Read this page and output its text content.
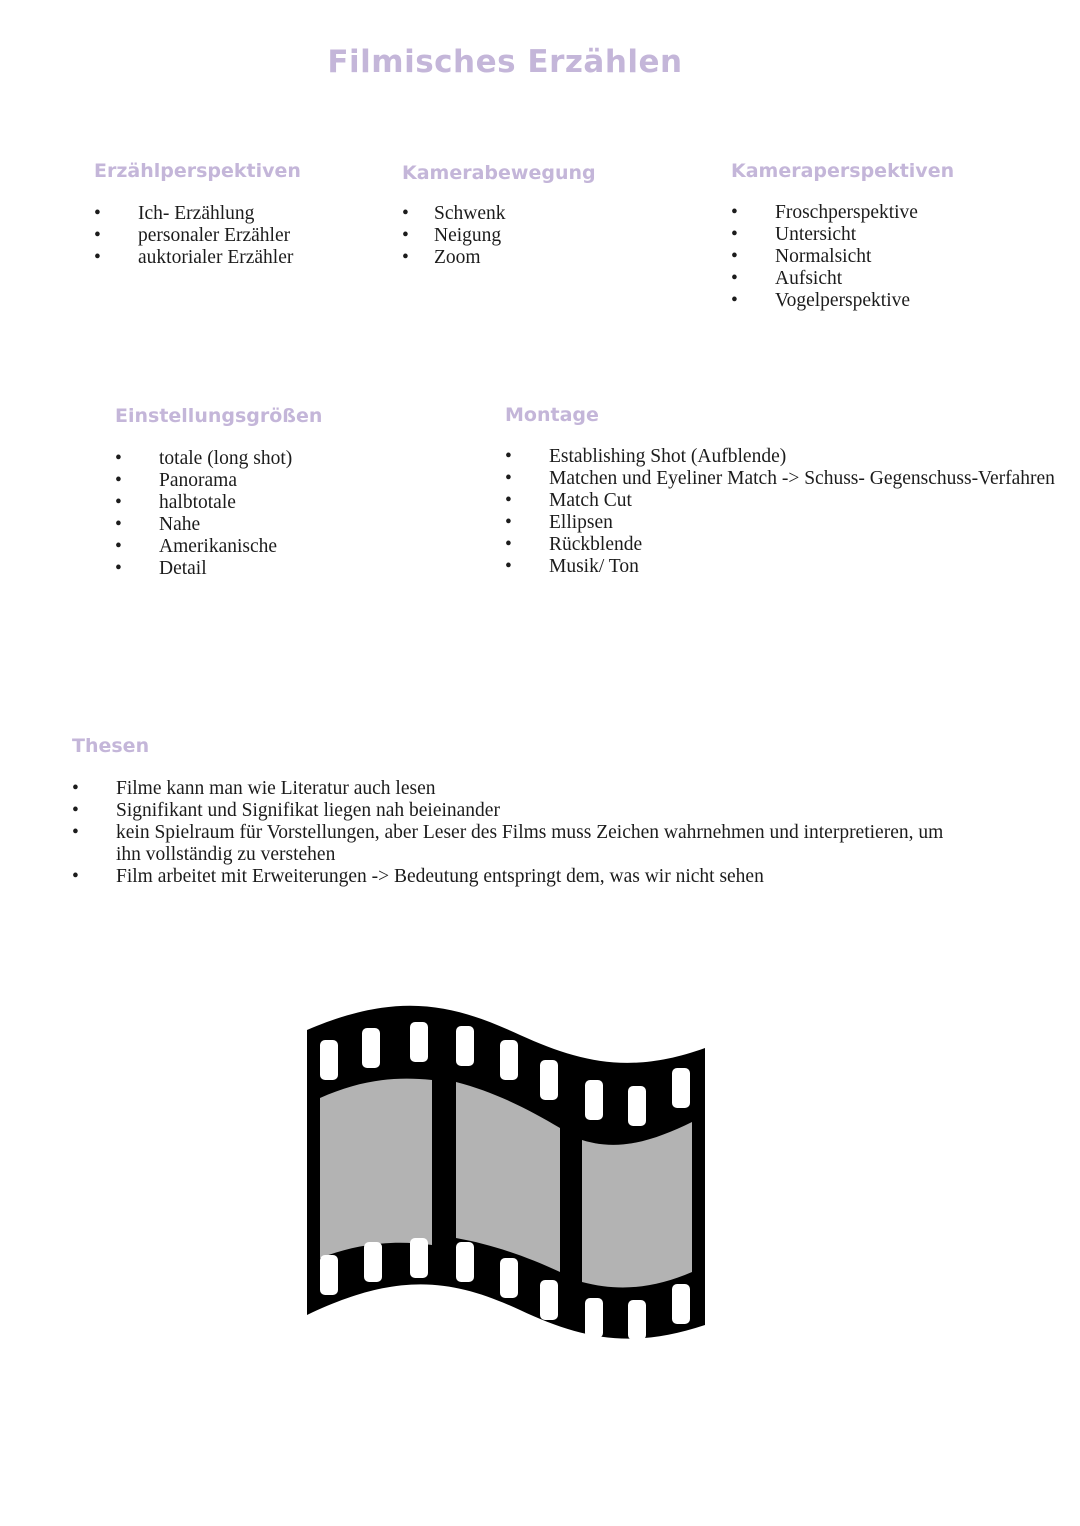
Filmisches Erzählen
Erzählperspektiven
• Ich- Erzählung
• personaler Erzähler
• auktorialer Erzähler
Kamerabewegung
• Schwenk
• Neigung
• Zoom
Kameraperspektiven
• Froschperspektive
• Untersicht
• Normalsicht
• Aufsicht
• Vogelperspektive
Einstellungsgrößen
• totale (long shot)
• Panorama
• halbtotale
• Nahe
• Amerikanische
• Detail
Montage
• Establishing Shot (Aufblende)
• Matchen und Eyeliner Match -> Schuss- Gegenschuss-Verfahren
• Match Cut
• Ellipsen
• Rückblende
• Musik/ Ton
Thesen
• Filme kann man wie Literatur auch lesen
• Signifikant und Signifikat liegen nah beieinander
• kein Spielraum für Vorstellungen, aber Leser des Films muss Zeichen wahrnehmen und interpretieren, um ihn vollständig zu verstehen
• Film arbeitet mit Erweiterungen -> Bedeutung entspringt dem, was wir nicht sehen
